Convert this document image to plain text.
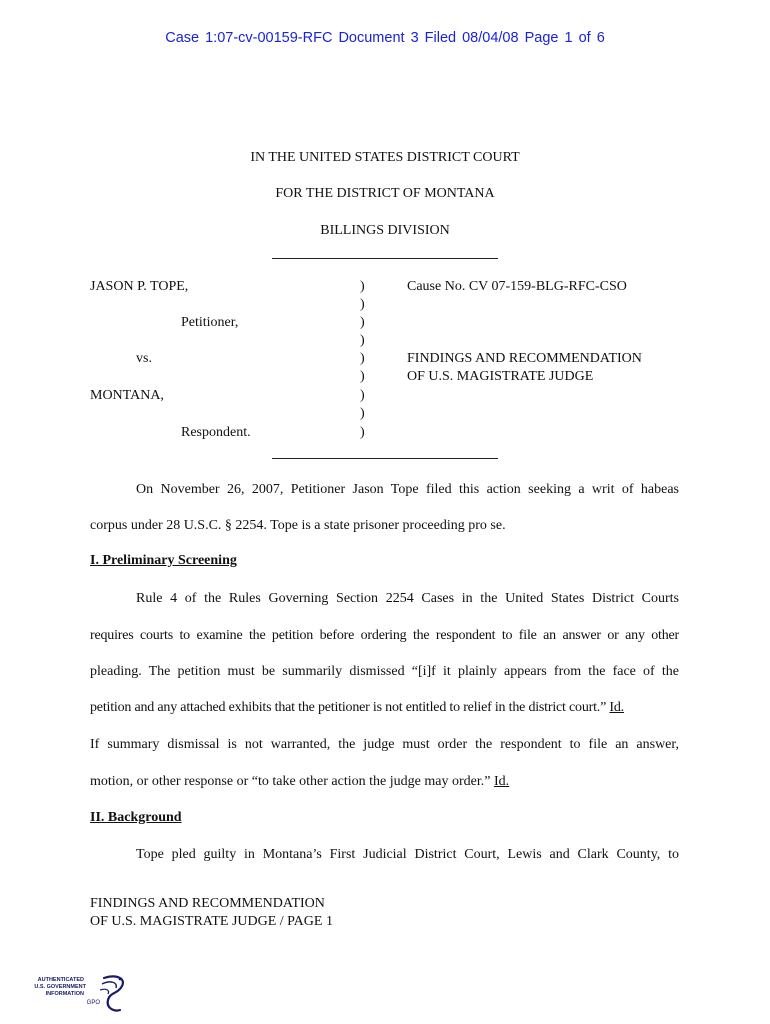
Case 1:07-cv-00159-RFC Document 3 Filed 08/04/08 Page 1 of 6
IN THE UNITED STATES DISTRICT COURT
FOR THE DISTRICT OF MONTANA
BILLINGS DIVISION
JASON P. TOPE,
Petitioner,
vs.
MONTANA,
Respondent.
)
)
)
)
)
)
)
)
)
Cause No. CV 07-159-BLG-RFC-CSO
FINDINGS AND RECOMMENDATION
OF U.S. MAGISTRATE JUDGE
On November 26, 2007, Petitioner Jason Tope filed this action seeking a writ of habeas
corpus under 28 U.S.C. § 2254. Tope is a state prisoner proceeding pro se.
I. Preliminary Screening
Rule 4 of the Rules Governing Section 2254 Cases in the United States District Courts
requires courts to examine the petition before ordering the respondent to file an answer or any other
pleading. The petition must be summarily dismissed “[i]f it plainly appears from the face of the
petition and any attached exhibits that the petitioner is not entitled to relief in the district court.” Id.
If summary dismissal is not warranted, the judge must order the respondent to file an answer,
motion, or other response or “to take other action the judge may order.” Id.
II. Background
Tope pled guilty in Montana’s First Judicial District Court, Lewis and Clark County, to
FINDINGS AND RECOMMENDATION
OF U.S. MAGISTRATE JUDGE / PAGE 1
AUTHENTICATED
U.S. GOVERNMENT
INFORMATION
GPO
